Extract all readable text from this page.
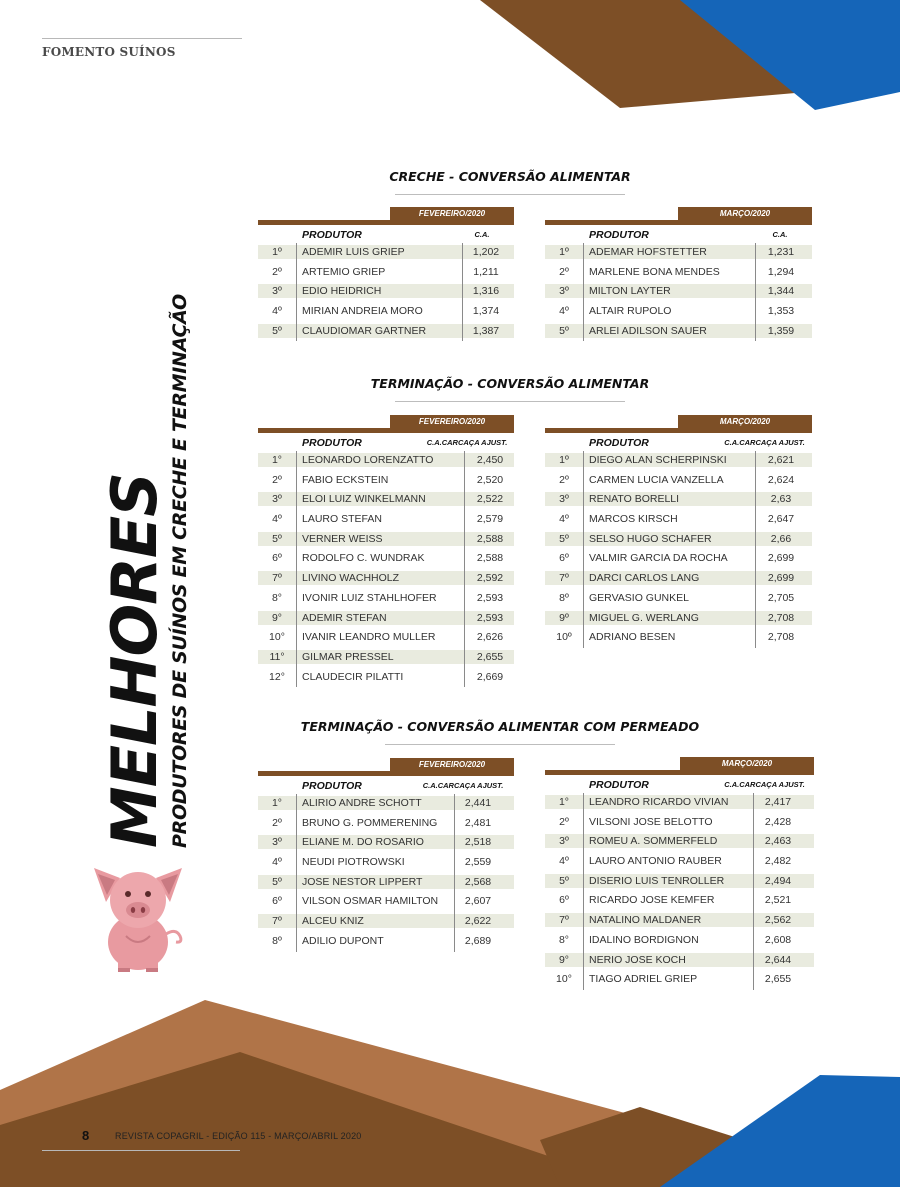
FOMENTO SUÍNOS
MELHORES
PRODUTORES DE SUÍNOS EM CRECHE E TERMINAÇÃO
CRECHE - CONVERSÃO ALIMENTAR
FEVEREIRO/2020
PRODUTOR	C.A.
1º	ADEMIR LUIS GRIEP	1,202
2º	ARTEMIO GRIEP	1,211
3º	EDIO HEIDRICH	1,316
4º	MIRIAN ANDREIA MORO	1,374
5º	CLAUDIOMAR GARTNER	1,387
MARÇO/2020
PRODUTOR	C.A.
1º	ADEMAR HOFSTETTER	1,231
2º	MARLENE BONA MENDES	1,294
3º	MILTON LAYTER	1,344
4º	ALTAIR RUPOLO	1,353
5º	ARLEI ADILSON SAUER	1,359
TERMINAÇÃO - CONVERSÃO ALIMENTAR
FEVEREIRO/2020
PRODUTOR	C.A.CARCAÇA AJUST.
1°	LEONARDO LORENZATTO	2,450
2º	FABIO ECKSTEIN	2,520
3º	ELOI LUIZ WINKELMANN	2,522
4º	LAURO STEFAN	2,579
5º	VERNER WEISS	2,588
6º	RODOLFO C. WUNDRAK	2,588
7º	LIVINO WACHHOLZ	2,592
8°	IVONIR LUIZ STAHLHOFER	2,593
9°	ADEMIR STEFAN	2,593
10°	IVANIR LEANDRO MULLER	2,626
11°	GILMAR PRESSEL	2,655
12°	CLAUDECIR PILATTI	2,669
MARÇO/2020
PRODUTOR	C.A.CARCAÇA AJUST.
1º	DIEGO ALAN SCHERPINSKI	2,621
2º	CARMEN LUCIA VANZELLA	2,624
3º	RENATO BORELLI	2,63
4º	MARCOS KIRSCH	2,647
5º	SELSO HUGO SCHAFER	2,66
6º	VALMIR GARCIA DA ROCHA	2,699
7º	DARCI CARLOS LANG	2,699
8º	GERVASIO GUNKEL	2,705
9º	MIGUEL G. WERLANG	2,708
10º	ADRIANO BESEN	2,708
TERMINAÇÃO - CONVERSÃO ALIMENTAR COM PERMEADO
FEVEREIRO/2020
PRODUTOR	C.A.CARCAÇA AJUST.
1°	ALIRIO ANDRE SCHOTT	2,441
2º	BRUNO G. POMMERENING	2,481
3º	ELIANE M. DO ROSARIO	2,518
4º	NEUDI PIOTROWSKI	2,559
5º	JOSE NESTOR LIPPERT	2,568
6º	VILSON OSMAR HAMILTON	2,607
7º	ALCEU KNIZ	2,622
8º	ADILIO DUPONT	2,689
MARÇO/2020
PRODUTOR	C.A.CARCAÇA AJUST.
1°	LEANDRO RICARDO VIVIAN	2,417
2º	VILSONI JOSE BELOTTO	2,428
3º	ROMEU A. SOMMERFELD	2,463
4º	LAURO ANTONIO RAUBER	2,482
5º	DISERIO LUIS TENROLLER	2,494
6º	RICARDO JOSE KEMFER	2,521
7º	NATALINO MALDANER	2,562
8°	IDALINO BORDIGNON	2,608
9°	NERIO JOSE KOCH	2,644
10°	TIAGO ADRIEL GRIEP	2,655
8	REVISTA COPAGRIL - EDIÇÃO 115 - MARÇO/ABRIL 2020
